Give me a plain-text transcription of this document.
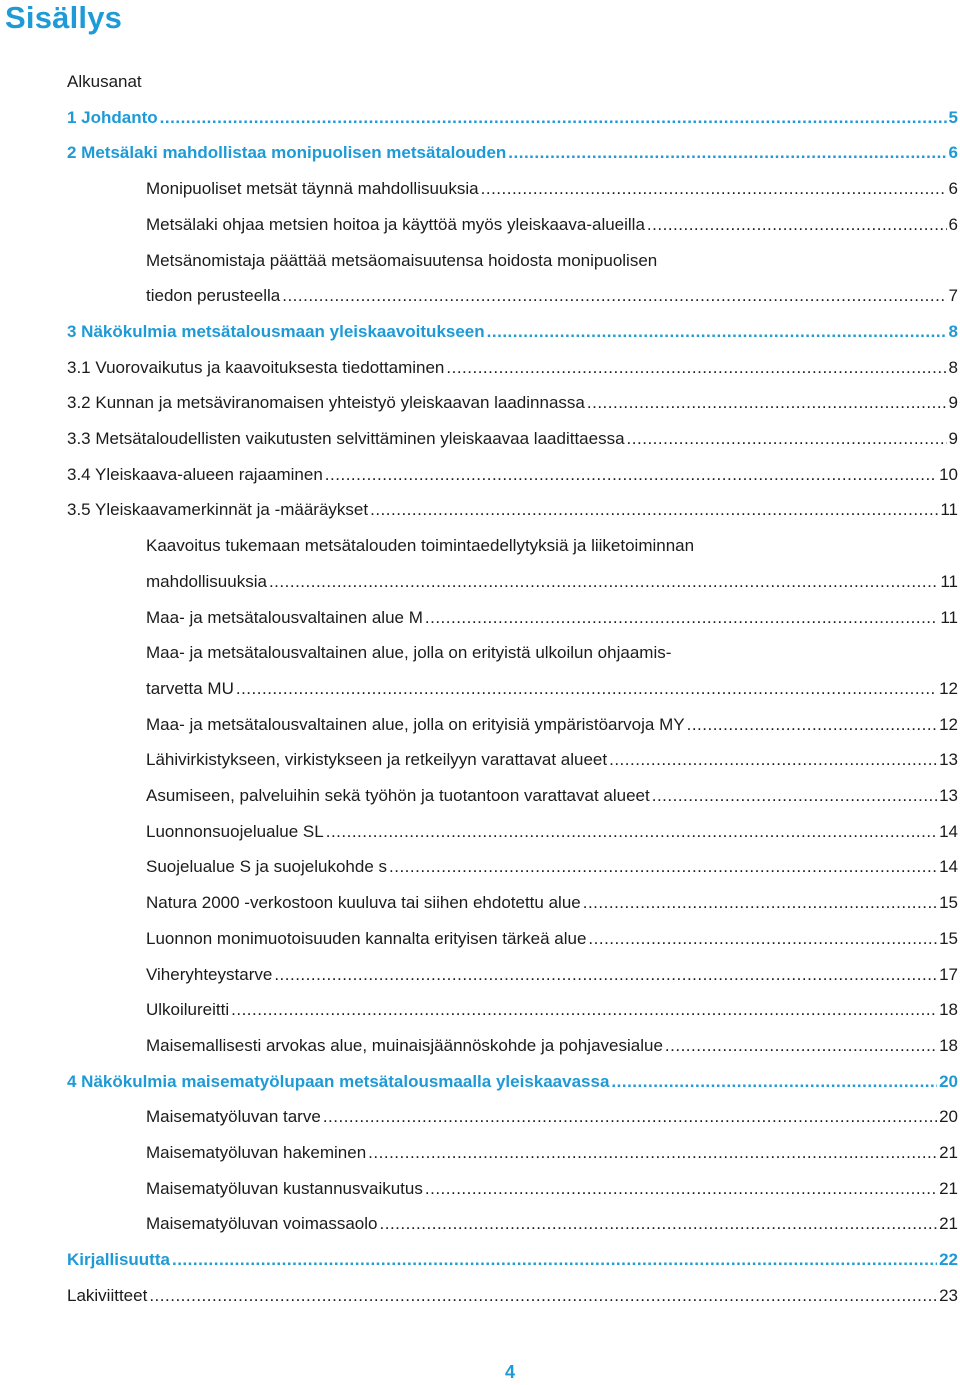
Sisällys
Alkusanat
1 Johdanto .....	5
2 Metsälaki mahdollistaa monipuolisen metsätalouden .....	6
Monipuoliset metsät täynnä mahdollisuuksia .....	6
Metsälaki ohjaa metsien hoitoa ja käyttöä myös yleiskaava-alueilla .....	6
Metsänomistaja päättää metsäomaisuutensa hoidosta monipuolisen
tiedon perusteella .....	7
3 Näkökulmia metsätalousmaan yleiskaavoitukseen .....	8
3.1 Vuorovaikutus ja kaavoituksesta tiedottaminen .....	8
3.2 Kunnan ja metsäviranomaisen yhteistyö yleiskaavan laadinnassa .....	9
3.3 Metsätaloudellisten vaikutusten selvittäminen yleiskaavaa laadittaessa .....	9
3.4 Yleiskaava-alueen rajaaminen .....	10
3.5 Yleiskaavamerkinnät ja -määräykset .....	11
Kaavoitus tukemaan metsätalouden toimintaedellytyksiä ja liiketoiminnan
mahdollisuuksia .....	11
Maa- ja metsätalousvaltainen alue M .....	11
Maa- ja metsätalousvaltainen alue, jolla on erityistä ulkoilun ohjaamis-
tarvetta MU .....	12
Maa- ja metsätalousvaltainen alue, jolla on erityisiä ympäristöarvoja MY .....	12
Lähivirkistykseen, virkistykseen ja retkeilyyn varattavat alueet .....	13
Asumiseen, palveluihin sekä työhön ja tuotantoon varattavat alueet .....	13
Luonnonsuojelualue SL .....	14
Suojelualue S ja suojelukohde s .....	14
Natura 2000 -verkostoon kuuluva tai siihen ehdotettu alue .....	15
Luonnon monimuotoisuuden kannalta erityisen tärkeä alue .....	15
Viheryhteystarve .....	17
Ulkoilureitti .....	18
Maisemallisesti arvokas alue, muinaisjäännöskohde ja pohjavesialue .....	18
4 Näkökulmia maisematyölupaan metsätalousmaalla yleiskaavassa .....	20
Maisematyöluvan tarve .....	20
Maisematyöluvan hakeminen .....	21
Maisematyöluvan kustannusvaikutus .....	21
Maisematyöluvan voimassaolo .....	21
Kirjallisuutta .....	22
Lakiviitteet .....	23
4
